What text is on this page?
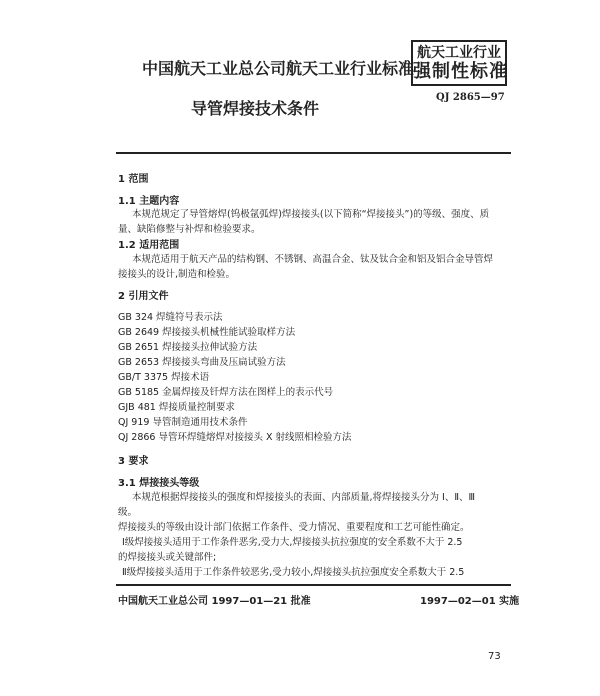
中国航天工业总公司航天工业行业标准
航天工业行业
强制性标准
QJ 2865—97
导管焊接技术条件
1 范围
1.1 主题内容
本规范规定了导管熔焊(钨极氩弧焊)焊接接头(以下简称“焊接接头”)的等级、强度、质
量、缺陷修整与补焊和检验要求。
1.2 适用范围
本规范适用于航天产品的结构钢、不锈钢、高温合金、钛及钛合金和铝及铝合金导管焊
接接头的设计,制造和检验。
2 引用文件
GB 324 焊缝符号表示法
GB 2649 焊接接头机械性能试验取样方法
GB 2651 焊接接头拉伸试验方法
GB 2653 焊接接头弯曲及压扁试验方法
GB/T 3375 焊接术语
GB 5185 金属焊接及钎焊方法在图样上的表示代号
GJB 481 焊接质量控制要求
QJ 919 导管制造通用技术条件
QJ 2866 导管环焊缝熔焊对接接头 X 射线照相检验方法
3 要求
3.1 焊接接头等级
本规范根据焊接接头的强度和焊接接头的表面、内部质量,将焊接接头分为 Ⅰ、Ⅱ、Ⅲ
级。
焊接接头的等级由设计部门依据工作条件、受力情况、重要程度和工艺可能性确定。
Ⅰ级焊接接头适用于工作条件恶劣,受力大,焊接接头抗拉强度的安全系数不大于 2.5
的焊接接头或关键部件;
Ⅱ级焊接接头适用于工作条件较恶劣,受力较小,焊接接头抗拉强度安全系数大于 2.5
中国航天工业总公司 1997—01—21 批准	1997—02—01 实施
73
